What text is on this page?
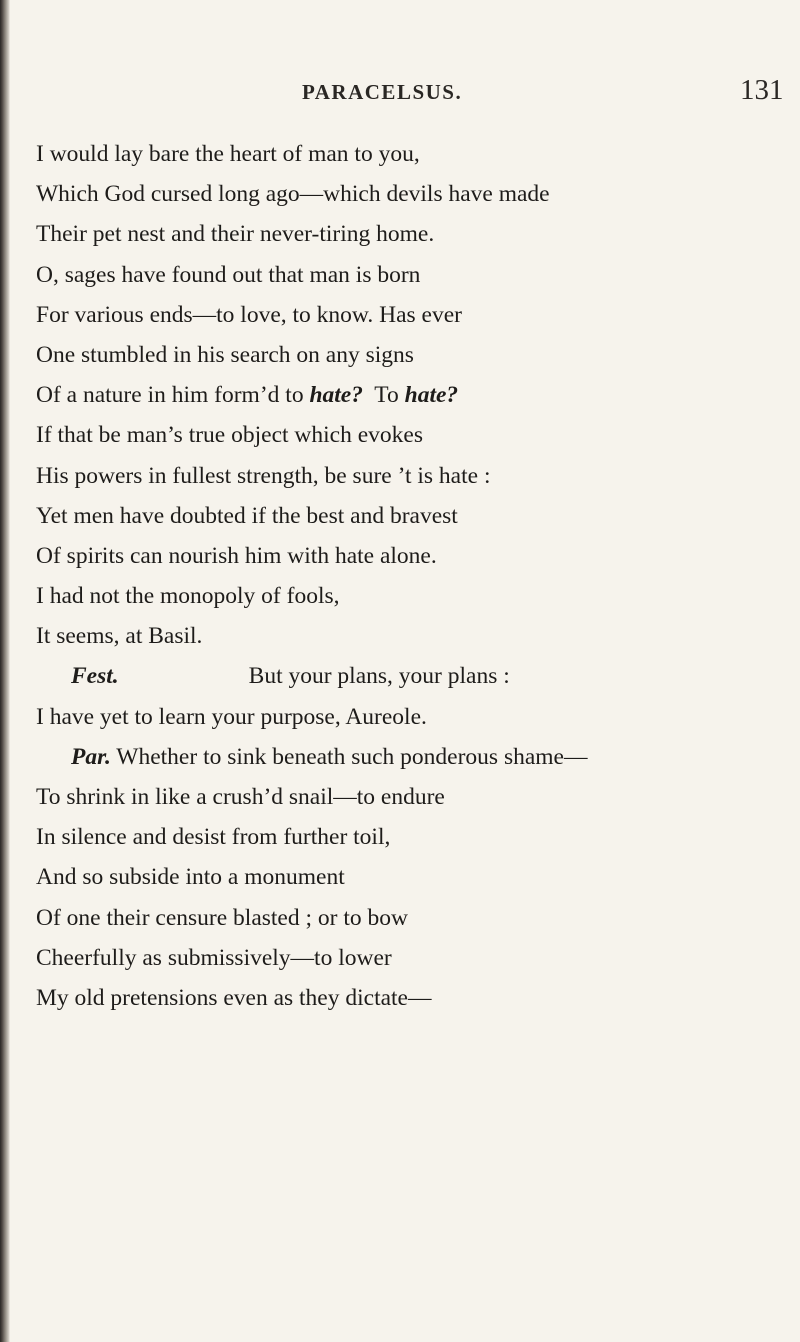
PARACELSUS.	131
I would lay bare the heart of man to you,
Which God cursed long ago—which devils have made
Their pet nest and their never-tiring home.
O, sages have found out that man is born
For various ends—to love, to know. Has ever
One stumbled in his search on any signs
Of a nature in him form’d to hate?  To hate?
If that be man’s true object which evokes
His powers in fullest strength, be sure ’t is hate :
Yet men have doubted if the best and bravest
Of spirits can nourish him with hate alone.
I had not the monopoly of fools,
It seems, at Basil.
Fest.	But your plans, your plans :
I have yet to learn your purpose, Aureole.
Par. Whether to sink beneath such ponderous shame—
To shrink in like a crush’d snail—to endure
In silence and desist from further toil,
And so subside into a monument
Of one their censure blasted ; or to bow
Cheerfully as submissively—to lower
My old pretensions even as they dictate—
